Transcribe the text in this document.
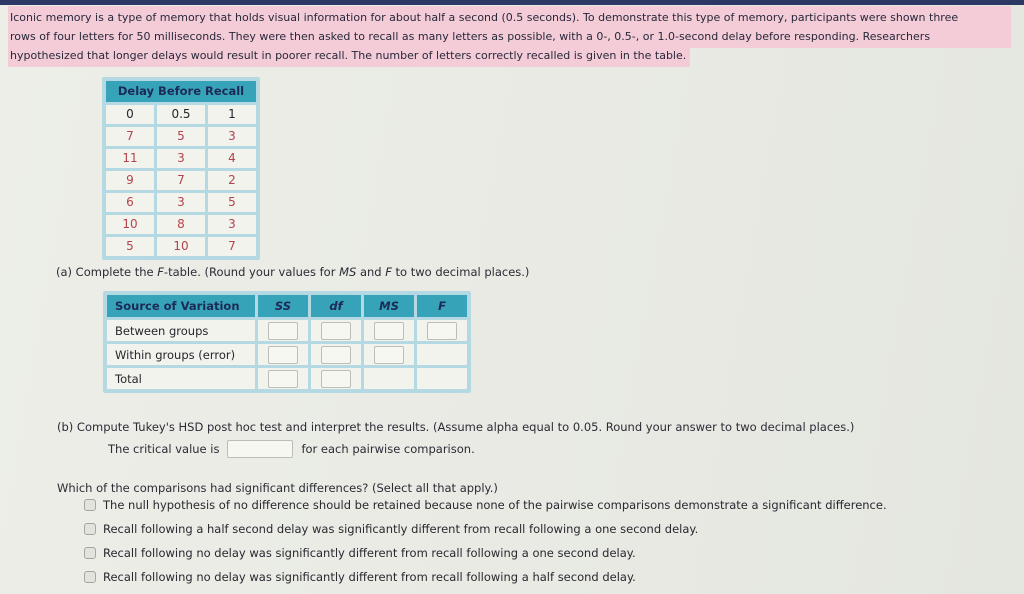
Iconic memory is a type of memory that holds visual information for about half a second (0.5 seconds). To demonstrate this type of memory, participants were shown three
rows of four letters for 50 milliseconds. They were then asked to recall as many letters as possible, with a 0-, 0.5-, or 1.0-second delay before responding. Researchers
hypothesized that longer delays would result in poorer recall. The number of letters correctly recalled is given in the table.
Delay Before Recall
0	0.5	1
7	5	3
11	3	4
9	7	2
6	3	5
10	8	3
5	10	7
(a) Complete the F-table. (Round your values for MS and F to two decimal places.)
Source of Variation	SS	df	MS	F
Between groups
Within groups (error)
Total
(b) Compute Tukey's HSD post hoc test and interpret the results. (Assume alpha equal to 0.05. Round your answer to two decimal places.)
The critical value is	for each pairwise comparison.
Which of the comparisons had significant differences? (Select all that apply.)
The null hypothesis of no difference should be retained because none of the pairwise comparisons demonstrate a significant difference.
Recall following a half second delay was significantly different from recall following a one second delay.
Recall following no delay was significantly different from recall following a one second delay.
Recall following no delay was significantly different from recall following a half second delay.
